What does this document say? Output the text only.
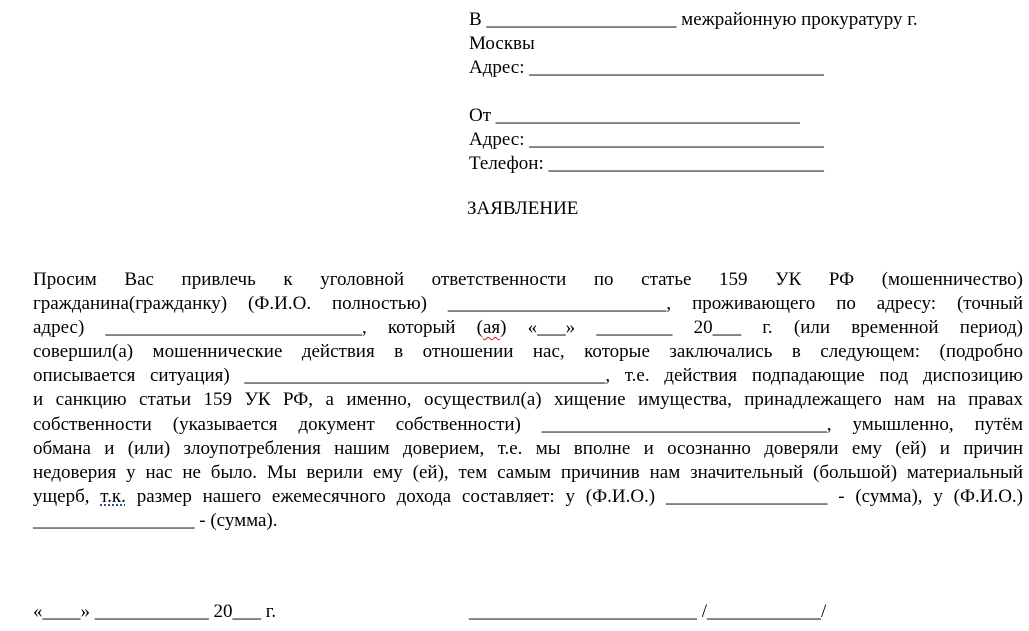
В ____________________ межрайонную прокуратуру г.
Москвы
Адрес: _______________________________
От ________________________________
Адрес: _______________________________
Телефон: _____________________________
ЗАЯВЛЕНИЕ
Просим Вас привлечь к уголовной ответственности по статье 159 УК РФ (мошенничество)
гражданина(гражданку) (Ф.И.О. полностью) _______________________, проживающего по адресу: (точный
адрес) ___________________________, который (ая) «___» ________ 20___ г. (или временной период)
совершил(а) мошеннические действия в отношении нас, которые заключались в следующем: (подробно
описывается ситуация) ______________________________________, т.е. действия подпадающие под диспозицию
и санкцию статьи 159 УК РФ, а именно, осуществил(а) хищение имущества, принадлежащего нам на правах
собственности (указывается документ собственности) ______________________________, умышленно, путём
обмана и (или) злоупотребления нашим доверием, т.е. мы вполне и осознанно доверяли ему (ей) и причин
недоверия у нас не было. Мы верили ему (ей), тем самым причинив нам значительный (большой) материальный
ущерб, т.к. размер нашего ежемесячного дохода составляет: у (Ф.И.О.) _________________ - (сумма), у (Ф.И.О.)
_________________ - (сумма).
«____» ____________ 20___ г.	________________________ /____________/
